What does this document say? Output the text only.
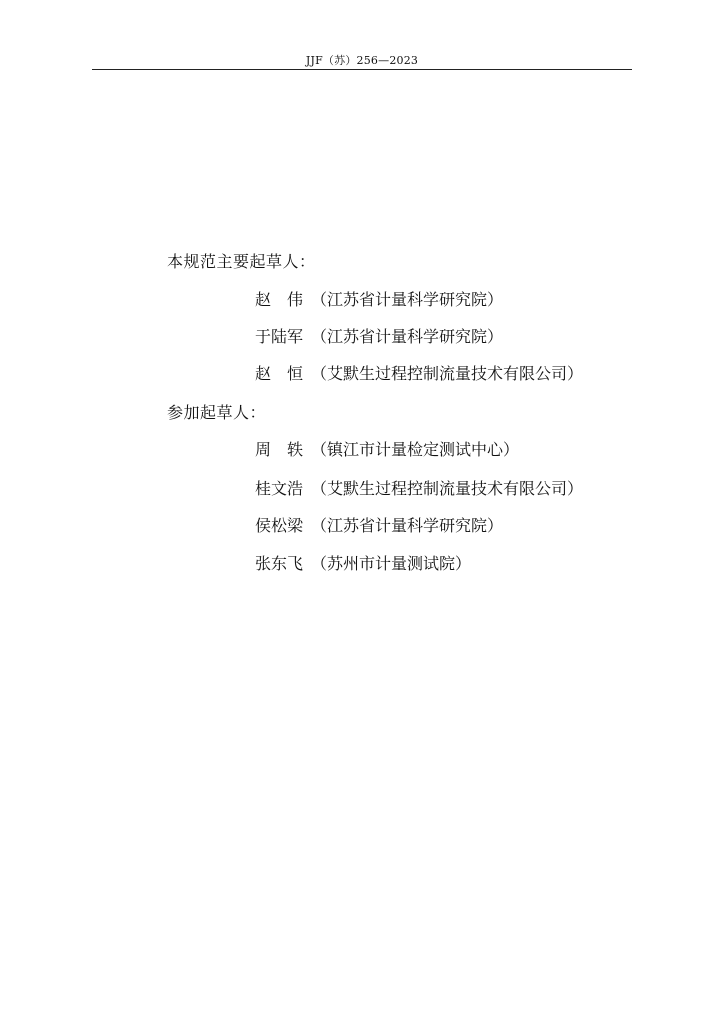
JJF（苏）256—2023
本规范主要起草人：
赵　伟 （江苏省计量科学研究院）
于陆军 （江苏省计量科学研究院）
赵　恒 （艾默生过程控制流量技术有限公司）
参加起草人：
周　轶 （镇江市计量检定测试中心）
桂文浩 （艾默生过程控制流量技术有限公司）
侯松梁 （江苏省计量科学研究院）
张东飞 （苏州市计量测试院）
